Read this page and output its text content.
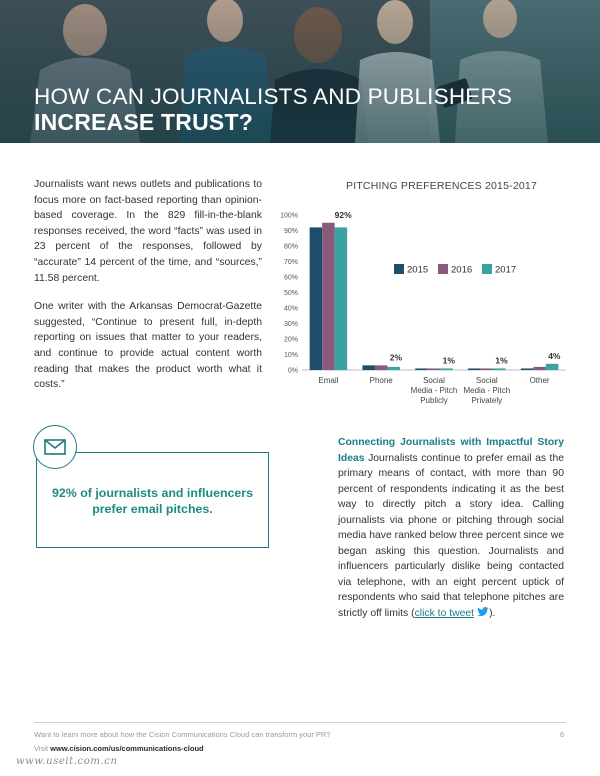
HOW CAN JOURNALISTS AND PUBLISHERS
INCREASE TRUST?

Journalists want news outlets and publications to focus more on fact-based reporting than opinion-based coverage. In the 829 fill-in-the-blank responses received, the word “facts” was used in 23 percent of the responses, followed by “accurate” 14 percent of the time, and “sources,” 11.58 percent.

One writer with the Arkansas Democrat-Gazette suggested, “Continue to present full, in-depth reporting on issues that matter to your readers, and continue to provide actual content worth reading that makes the product worth what it costs.”

PITCHING PREFERENCES 2015-2017
0%
10%
20%
30%
40%
50%
60%
70%
80%
90%
100%	92%
Email
2%
Phone
1%
Social
Media - Pitch
Publicly
1%
Social
Media - Pitch
Privately
4%
Other
2015 2016 2017
92% of journalists and influencers prefer email pitches.
Connecting Journalists with Impactful Story Ideas Journalists continue to prefer email as the primary means of contact, with more than 90 percent of respondents indicating it as the best way to directly pitch a story idea. Calling journalists via phone or pitching through social media have ranked below three percent since we began asking this question. Journalists and influencers particularly dislike being contacted via telephone, with an eight percent uptick of respondents who said that telephone pitches are strictly off limits (click to tweet ).
Want to learn more about how the Cision Communications Cloud can transform your PR?
Visit www.cision.com/us/communications-cloud
6
www.useit.com.cn
